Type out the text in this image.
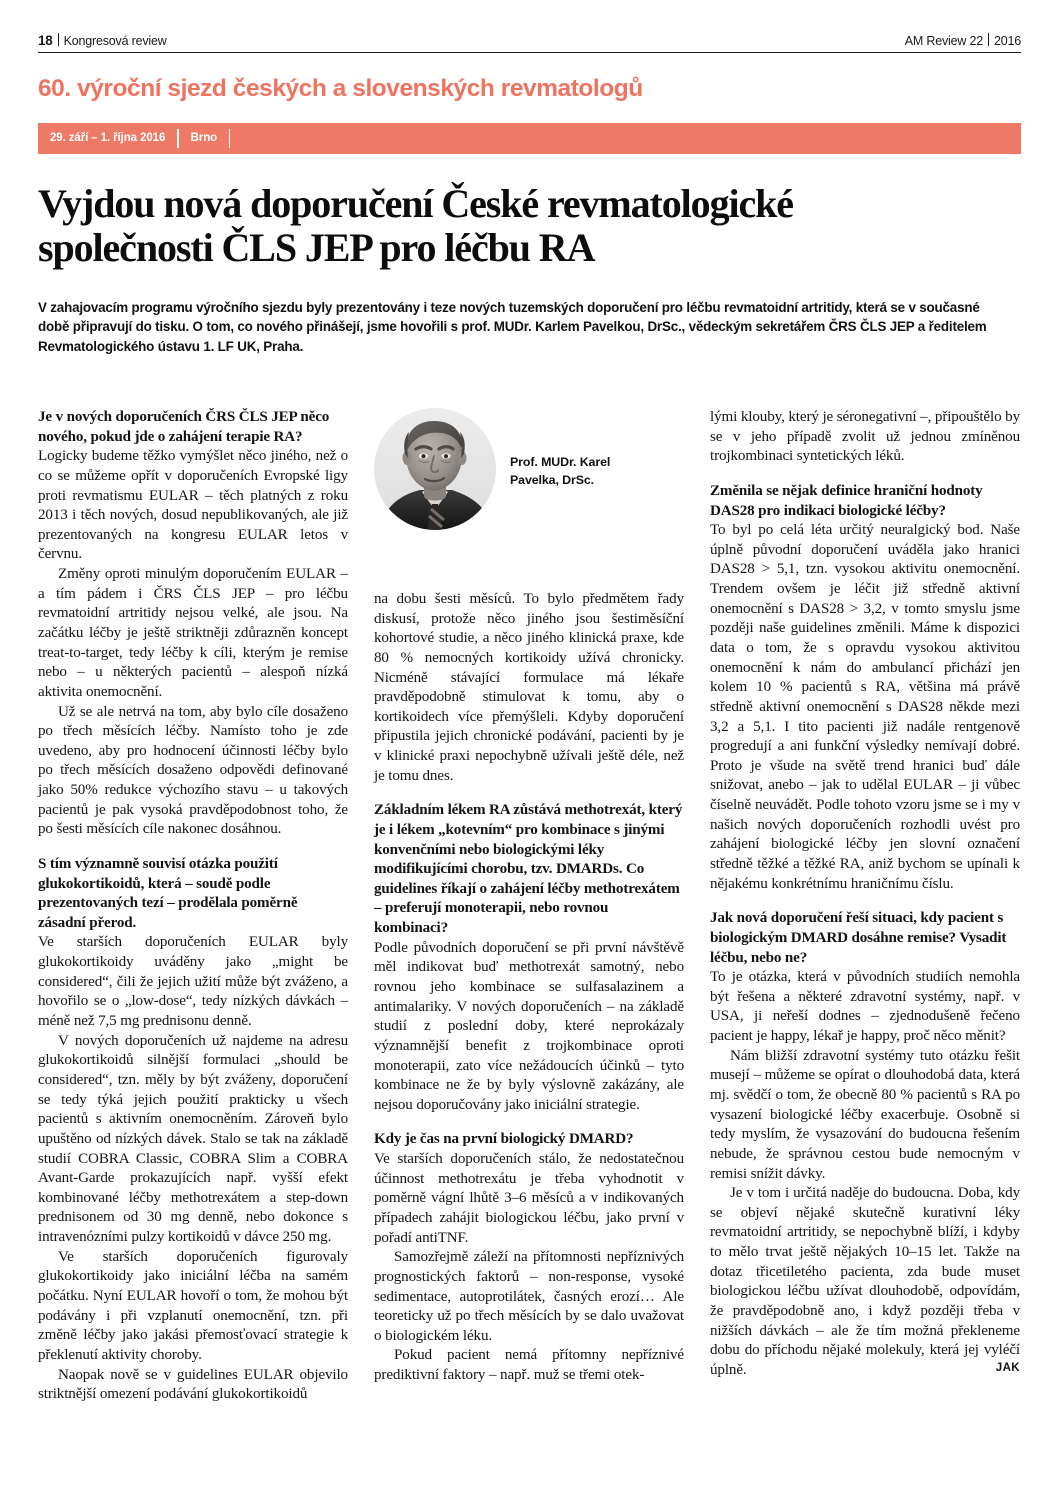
18 Kongresová review	AM Review 22 2016
60. výroční sjezd českých a slovenských revmatologů
29. září – 1. října 2016	Brno
Vyjdou nová doporučení České revmatologické společnosti ČLS JEP pro léčbu RA
V zahajovacím programu výročního sjezdu byly prezentovány i teze nových tuzemských doporučení pro léčbu revmatoidní artritidy, která se v současné době připravují do tisku. O tom, co nového přinášejí, jsme hovořili s prof. MUDr. Karlem Pavelkou, DrSc., vědeckým sekretářem ČRS ČLS JEP a ředitelem Revmatologického ústavu 1. LF UK, Praha.

Je v nových doporučeních ČRS ČLS JEP něco nového, pokud jde o zahájení terapie RA?

Logicky budeme těžko vymýšlet něco jiného, než o co se můžeme opřít v doporučeních Evropské ligy proti revmatismu EULAR – těch platných z roku 2013 i těch nových, dosud nepublikovaných, ale již prezentovaných na kongresu EULAR letos v červnu.

Změny oproti minulým doporučením EULAR – a tím pádem i ČRS ČLS JEP – pro léčbu revmatoidní artritidy nejsou velké, ale jsou. Na začátku léčby je ještě striktněji zdůrazněn koncept treat-to-target, tedy léčby k cíli, kterým je remise nebo – u některých pacientů – alespoň nízká aktivita onemocnění.

Už se ale netrvá na tom, aby bylo cíle dosaženo po třech měsících léčby. Namísto toho je zde uvedeno, aby pro hodnocení účinnosti léčby bylo po třech měsících dosaženo odpovědi definované jako 50% redukce výchozího stavu – u takových pacientů je pak vysoká pravděpodobnost toho, že po šesti měsících cíle nakonec dosáhnou.

S tím významně souvisí otázka použití glukokortikoidů, která – soudě podle prezentovaných tezí – prodělala poměrně zásadní přerod.

Ve starších doporučeních EULAR byly glukokortikoidy uváděny jako „might be considered“, čili že jejich užití může být zváženo, a hovořilo se o „low-dose“, tedy nízkých dávkách – méně než 7,5 mg prednisonu denně.

V nových doporučeních už najdeme na adresu glukokortikoidů silnější formulaci „should be considered“, tzn. měly by být zváženy, doporučení se tedy týká jejich použití prakticky u všech pacientů s aktivním onemocněním. Zároveň bylo upuštěno od nízkých dávek. Stalo se tak na základě studií COBRA Classic, COBRA Slim a COBRA Avant-Garde prokazujících např. vyšší efekt kombinované léčby methotrexátem a step-down prednisonem od 30 mg denně, nebo dokonce s intravenózními pulzy kortikoidů v dávce 250 mg.

Ve starších doporučeních figurovaly glukokortikoidy jako iniciální léčba na samém počátku. Nyní EULAR hovoří o tom, že mohou být podávány i při vzplanutí onemocnění, tzn. při změně léčby jako jakási přemosťovací strategie k překlenutí aktivity choroby.

Naopak nově se v guidelines EULAR objevilo striktnější omezení podávání glukokortikoidů

Prof. MUDr. Karel
Pavelka, DrSc.

na dobu šesti měsíců. To bylo předmětem řady diskusí, protože něco jiného jsou šestiměsíční kohortové studie, a něco jiného klinická praxe, kde 80 % nemocných kortikoidy užívá chronicky. Nicméně stávající formulace má lékaře pravděpodobně stimulovat k tomu, aby o kortikoidech více přemýšleli. Kdyby doporučení připustila jejich chronické podávání, pacienti by je v klinické praxi nepochybně užívali ještě déle, než je tomu dnes.

Základním lékem RA zůstává methotrexát, který je i lékem „kotevním“ pro kombinace s jinými konvenčními nebo biologickými léky modifikujícími chorobu, tzv. DMARDs. Co guidelines říkají o zahájení léčby methotrexátem – preferují monoterapii, nebo rovnou kombinaci?

Podle původních doporučení se při první návštěvě měl indikovat buď methotrexát samotný, nebo rovnou jeho kombinace se sulfasalazinem a antimalariky. V nových doporučeních – na základě studií z poslední doby, které neprokázaly významnější benefit z trojkombinace oproti monoterapii, zato více nežádoucích účinků – tyto kombinace ne že by byly výslovně zakázány, ale nejsou doporučovány jako iniciální strategie.

Kdy je čas na první biologický DMARD?

Ve starších doporučeních stálo, že nedostatečnou účinnost methotrexátu je třeba vyhodnotit v poměrně vágní lhůtě 3–6 měsíců a v indikovaných případech zahájit biologickou léčbu, jako první v pořadí antiTNF.

Samozřejmě záleží na přítomnosti nepříznivých prognostických faktorů – non-response, vysoké sedimentace, autoprotilátek, časných erozí… Ale teoreticky už po třech měsících by se dalo uvažovat o biologickém léku.

Pokud pacient nemá přítomny nepříznivé prediktivní faktory – např. muž se třemi otek-

lými klouby, který je séronegativní –, připouštělo by se v jeho případě zvolit už jednou zmíněnou trojkombinaci syntetických léků.

Změnila se nějak definice hraniční hodnoty DAS28 pro indikaci biologické léčby?

To byl po celá léta určitý neuralgický bod. Naše úplně původní doporučení uváděla jako hranici DAS28 > 5,1, tzn. vysokou aktivitu onemocnění. Trendem ovšem je léčit již středně aktivní onemocnění s DAS28 > 3,2, v tomto smyslu jsme později naše guidelines změnili. Máme k dispozici data o tom, že s opravdu vysokou aktivitou onemocnění k nám do ambulancí přichází jen kolem 10 % pacientů s RA, většina má právě středně aktivní onemocnění s DAS28 někde mezi 3,2 a 5,1. I tito pacienti již nadále rentgenově progredují a ani funkční výsledky nemívají dobré. Proto je všude na světě trend hranici buď dále snižovat, anebo – jak to udělal EULAR – ji vůbec číselně neuvádět. Podle tohoto vzoru jsme se i my v našich nových doporučeních rozhodli uvést pro zahájení biologické léčby jen slovní označení středně těžké a těžké RA, aniž bychom se upínali k nějakému konkrétnímu hraničnímu číslu.

Jak nová doporučení řeší situaci, kdy pacient s biologickým DMARD dosáhne remise? Vysadit léčbu, nebo ne?

To je otázka, která v původních studiích nemohla být řešena a některé zdravotní systémy, např. v USA, ji neřeší dodnes – zjednodušeně řečeno pacient je happy, lékař je happy, proč něco měnit?

Nám bližší zdravotní systémy tuto otázku řešit musejí – můžeme se opírat o dlouhodobá data, která mj. svědčí o tom, že obecně 80 % pacientů s RA po vysazení biologické léčby exacerbuje. Osobně si tedy myslím, že vysazování do budoucna řešením nebude, že správnou cestou bude nemocným v remisi snížit dávky.

Je v tom i určitá naděje do budoucna. Doba, kdy se objeví nějaké skutečně kurativní léky revmatoidní artritidy, se nepochybně blíží, i kdyby to mělo trvat ještě nějakých 10–15 let. Takže na dotaz třicetiletého pacienta, zda bude muset biologickou léčbu užívat dlouhodobě, odpovídám, že pravděpodobně ano, i když později třeba v nižších dávkách – ale že tím možná překleneme dobu do příchodu nějaké molekuly, která jej vyléčí úplně.	JAK
